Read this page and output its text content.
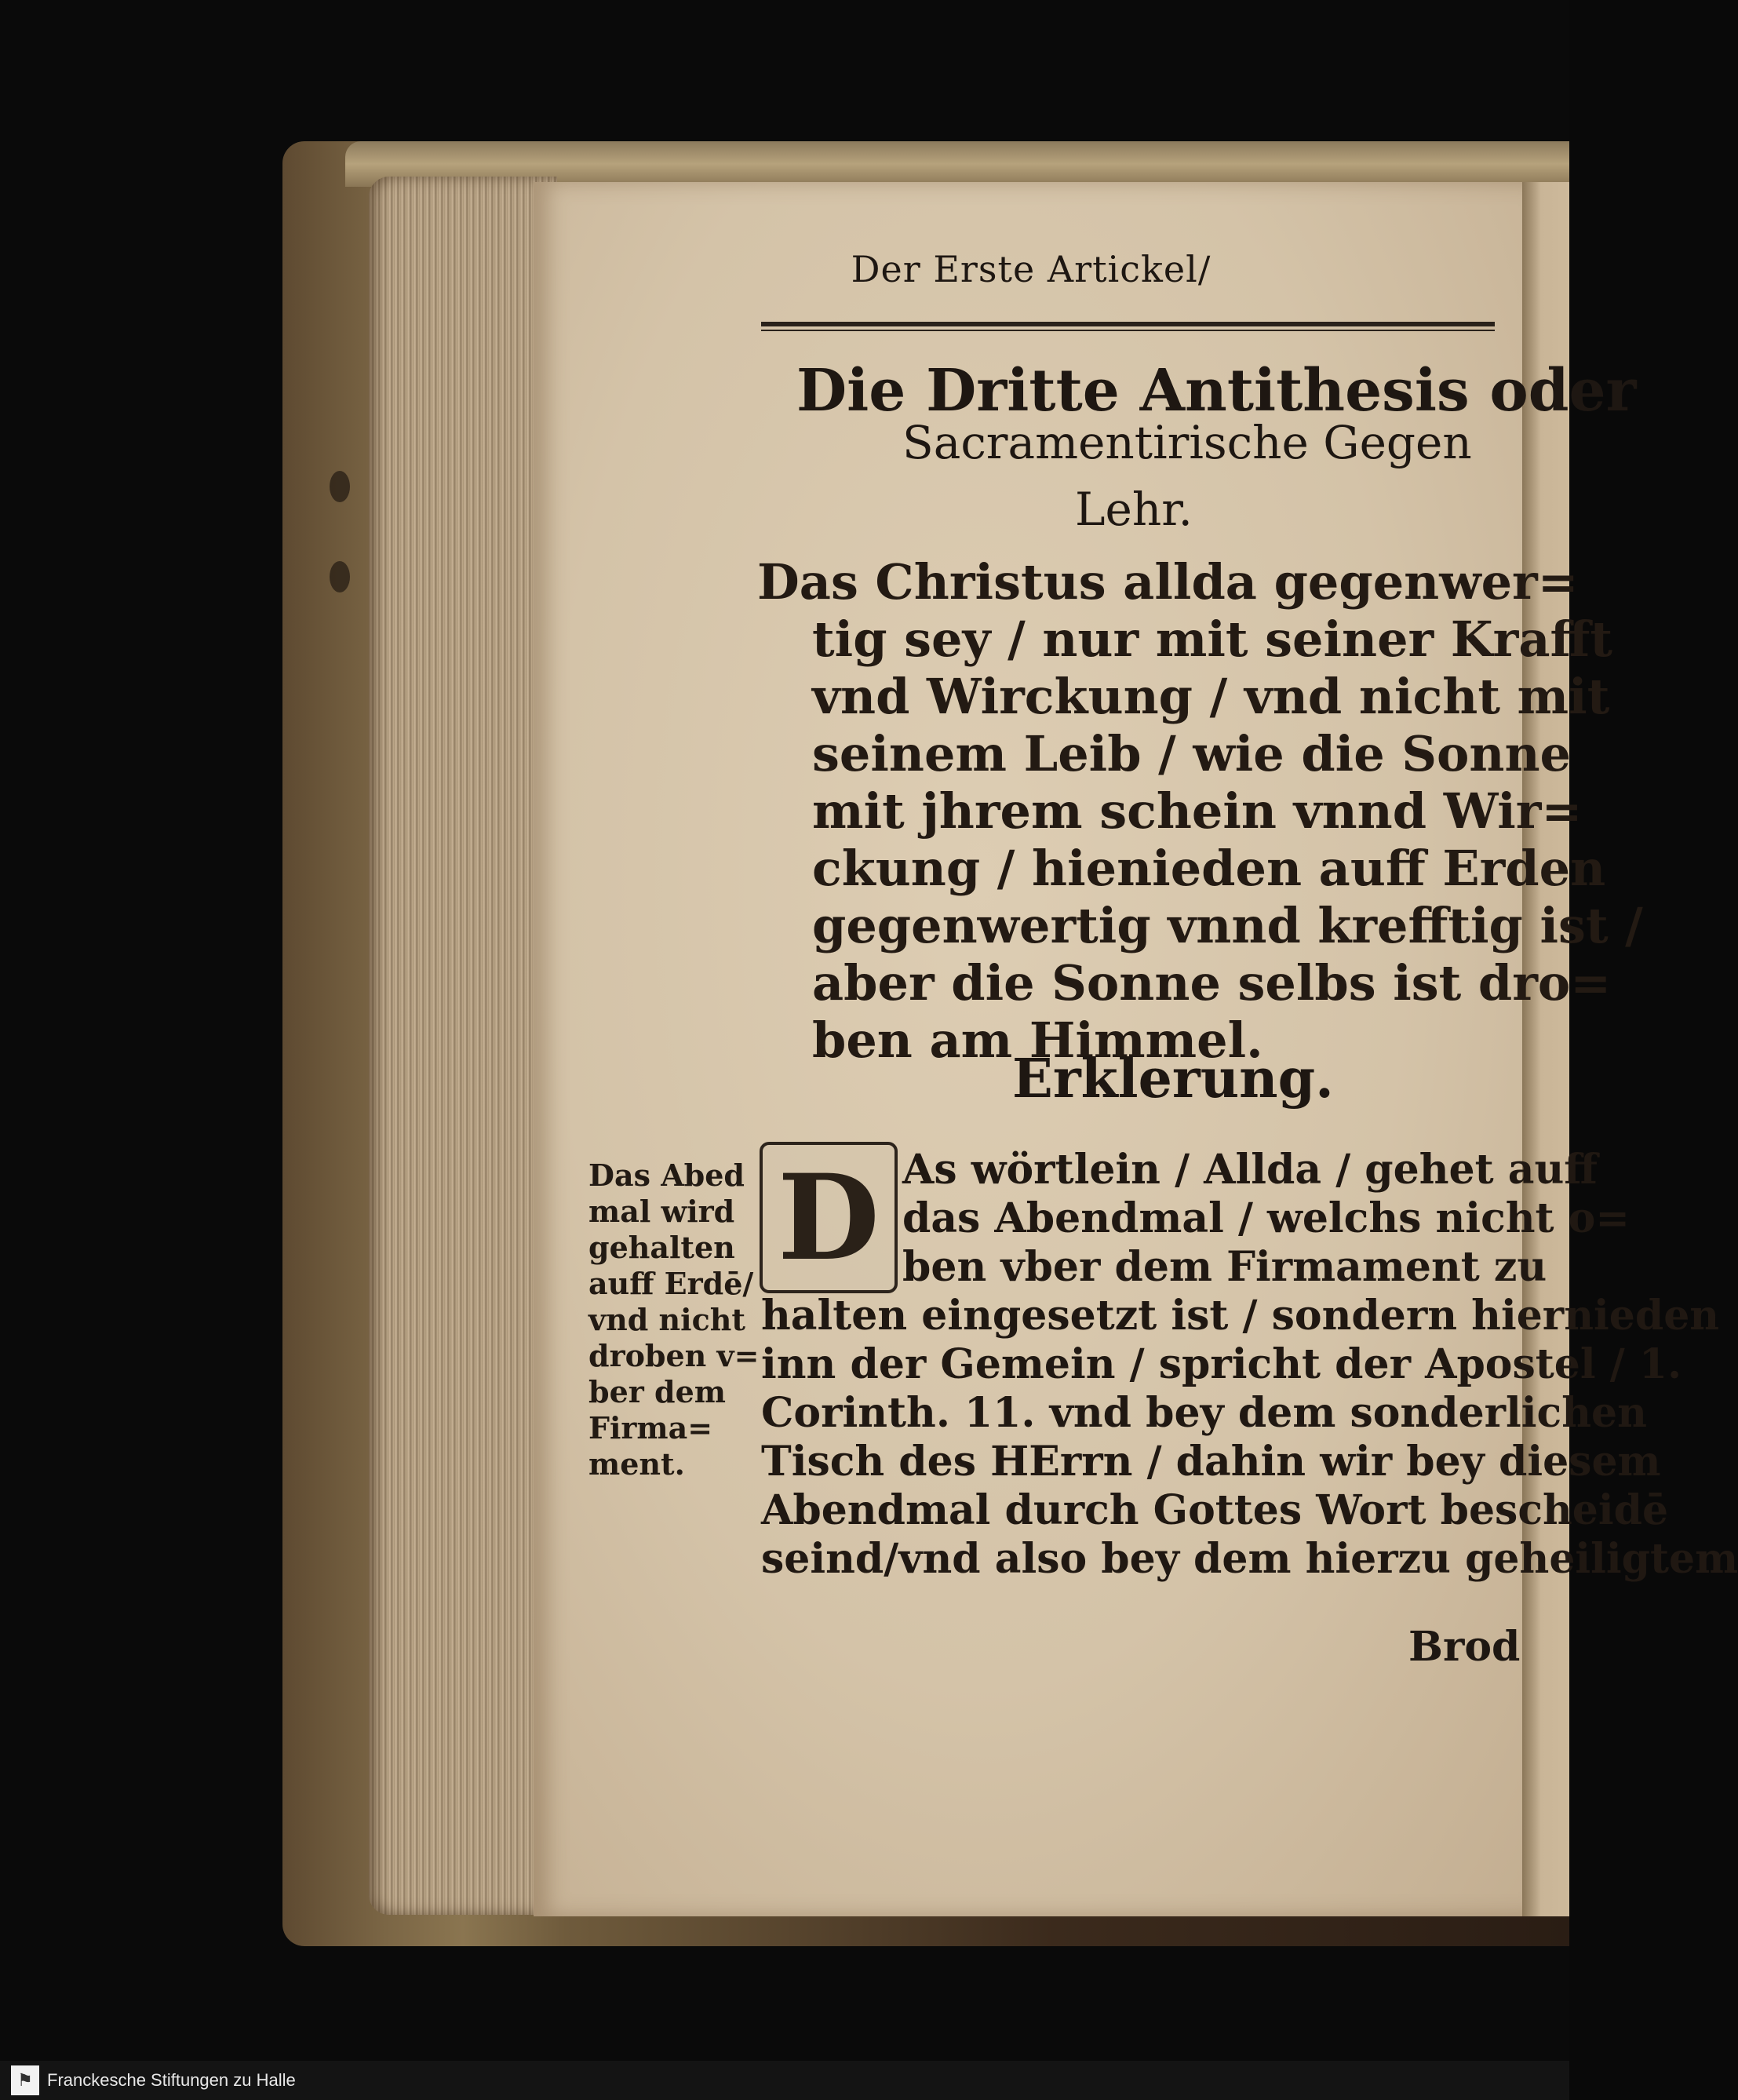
Der Erste Artickel/
Die Dritte Antithesis oder
Sacramentirische Gegen
Lehr.
Das Christus allda gegenwer=
tig sey / nur mit seiner Krafft
vnd Wirckung / vnd nicht mit
seinem Leib / wie die Sonne
mit jhrem schein vnnd Wir=
ckung / hienieden auff Erden
gegenwertig vnnd krefftig ist /
aber die Sonne selbs ist dro=
ben am Himmel.
Erklerung.
D As wörtlein / Allda / gehet auff
das Abendmal / welchs nicht o=
ben vber dem Firmament zu
halten eingesetzt ist / sondern hiernieden
inn der Gemein / spricht der Apostel / 1.
Corinth. 11. vnd bey dem sonderlichen
Tisch des HErrn / dahin wir bey diesem
Abendmal durch Gottes Wort bescheidē
seind/vnd also bey dem hierzu geheiligtem
Das Abed
mal wird
gehalten
auff Erdē/
vnd nicht
droben v=
ber dem
Firma=
ment.
Brod
⚑ Franckesche Stiftungen zu Halle
